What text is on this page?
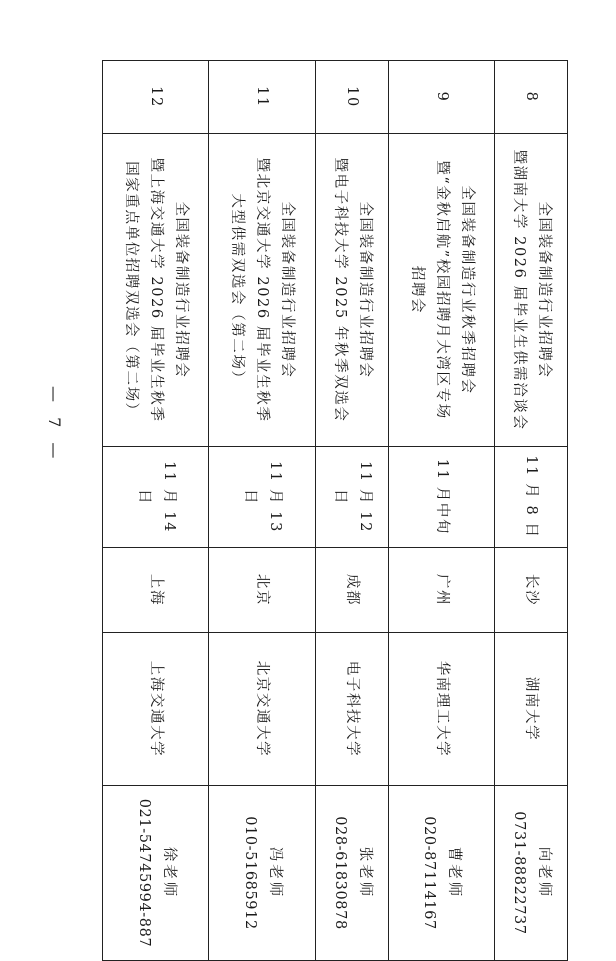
8	全国装备制造行业招聘会
暨湖南大学 2026 届毕业生供需洽谈会	11 月 8 日	长沙	湖南大学	向老师
0731-88822737

9	全国装备制造行业秋季招聘会
暨“金秋启航”校园招聘月大湾区专场
招聘会	11 月中旬	广州	华南理工大学	曹老师
020-87114167

10	全国装备制造行业招聘会
暨电子科技大学 2025 年秋季双选会	11 月 12 日	成都	电子科技大学	张老师
028-61830878

11	全国装备制造行业招聘会
暨北京交通大学 2026 届毕业生秋季
大型供需双选会（第二场）	11 月 13 日	北京	北京交通大学	冯老师
010-51685912

12	全国装备制造行业招聘会
暨上海交通大学 2026 届毕业生秋季
国家重点单位招聘双选会（第二场）	11 月 14 日	上海	上海交通大学	徐老师
021-54745994-887
— 7 —
